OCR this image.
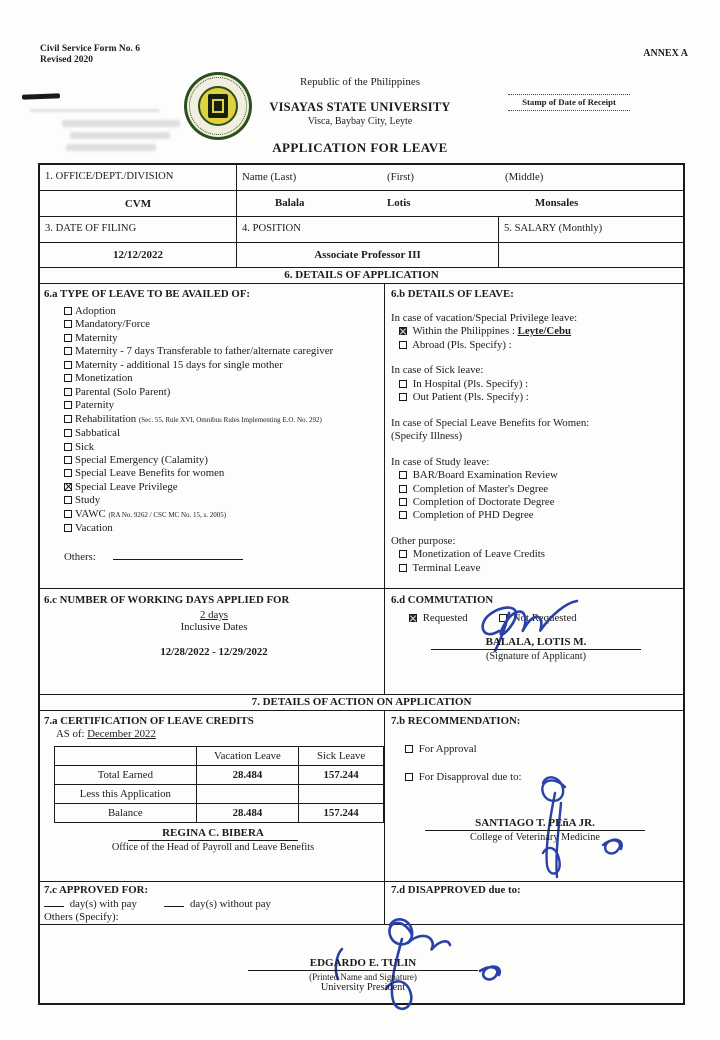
Civil Service Form No. 6
Revised 2020
ANNEX A
Republic of the Philippines
VISAYAS STATE UNIVERSITY
Visca, Baybay City, Leyte
Stamp of Date of Receipt
APPLICATION FOR LEAVE
1. OFFICE/DEPT./DIVISION	Name (Last)	(First)	(Middle)
CVM	Balala	Lotis	Monsales
3. DATE OF FILING	4. POSITION	5. SALARY (Monthly)
12/12/2022	Associate Professor III
6. DETAILS OF APPLICATION
6.a TYPE OF LEAVE TO BE AVAILED OF:
Adoption
Mandatory/Force
Maternity
Maternity - 7 days Transferable to father/alternate caregiver
Maternity - additional 15 days for single mother
Monetization
Parental (Solo Parent)
Paternity
Rehabilitation (Sec. 55, Rule XVI, Omnibus Rules Implementing E.O. No. 292)
Sabbatical
Sick
Special Emergency (Calamity)
Special Leave Benefits for women
Special Leave Privilege
Study
VAWC (RA No. 9262 / CSC MC No. 15, s. 2005)
Vacation
Others:
6.b DETAILS OF LEAVE:
In case of vacation/Special Privilege leave:
Within the Philippines : Leyte/Cebu
Abroad (Pls. Specify) :
In case of Sick leave:
In Hospital (Pls. Specify) :
Out Patient (Pls. Specify) :
In case of Special Leave Benefits for Women:
(Specify Illness)
In case of Study leave:
BAR/Board Examination Review
Completion of Master's Degree
Completion of Doctorate Degree
Completion of PHD Degree
Other purpose:
Monetization of Leave Credits
Terminal Leave
6.c NUMBER OF WORKING DAYS APPLIED FOR
2 days
Inclusive Dates
12/28/2022 - 12/29/2022
6.d COMMUTATION
Requested	Not Requested
BALALA, LOTIS M.
(Signature of Applicant)
7. DETAILS OF ACTION ON APPLICATION
7.a CERTIFICATION OF LEAVE CREDITS
AS of: December 2022
	Vacation Leave	Sick Leave
Total Earned	28.484	157.244
Less this Application		
Balance	28.484	157.244
REGINA C. BIBERA
Office of the Head of Payroll and Leave Benefits
7.b RECOMMENDATION:
For Approval
For Disapproval due to:
SANTIAGO T. PEñA JR.
College of Veterinary Medicine
7.c APPROVED FOR:
day(s) with pay	day(s) without pay
Others (Specify):
7.d DISAPPROVED due to:
EDGARDO E. TULIN
(Printed Name and Signature)
University President
